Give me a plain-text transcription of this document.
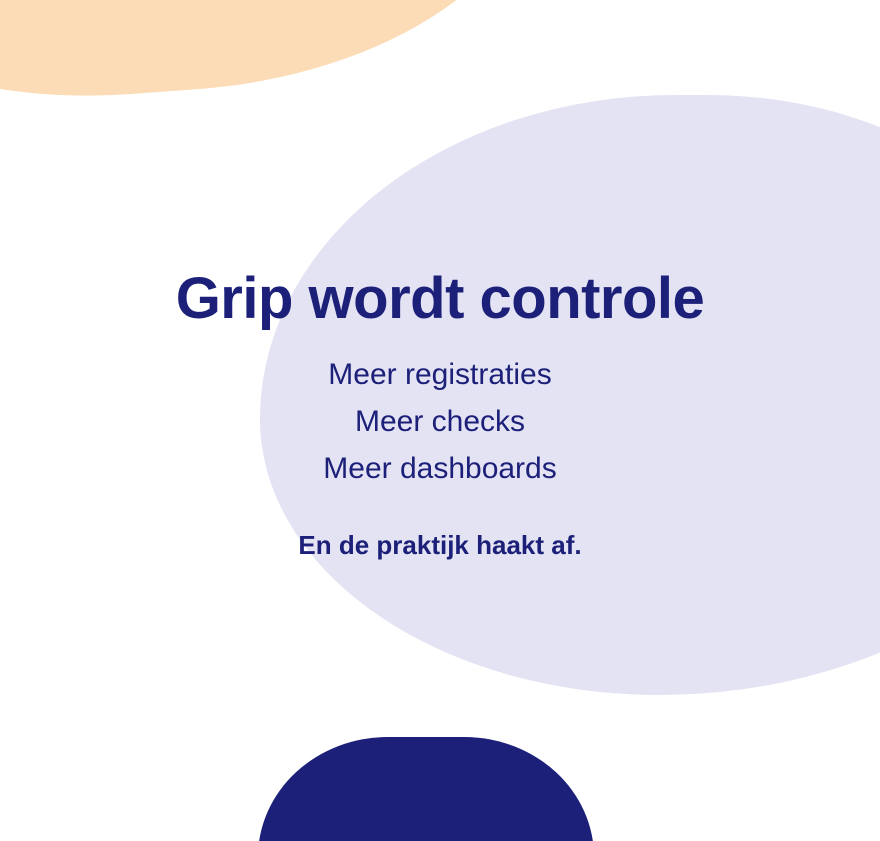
Grip wordt controle
Meer registraties
Meer checks
Meer dashboards
En de praktijk haakt af.
